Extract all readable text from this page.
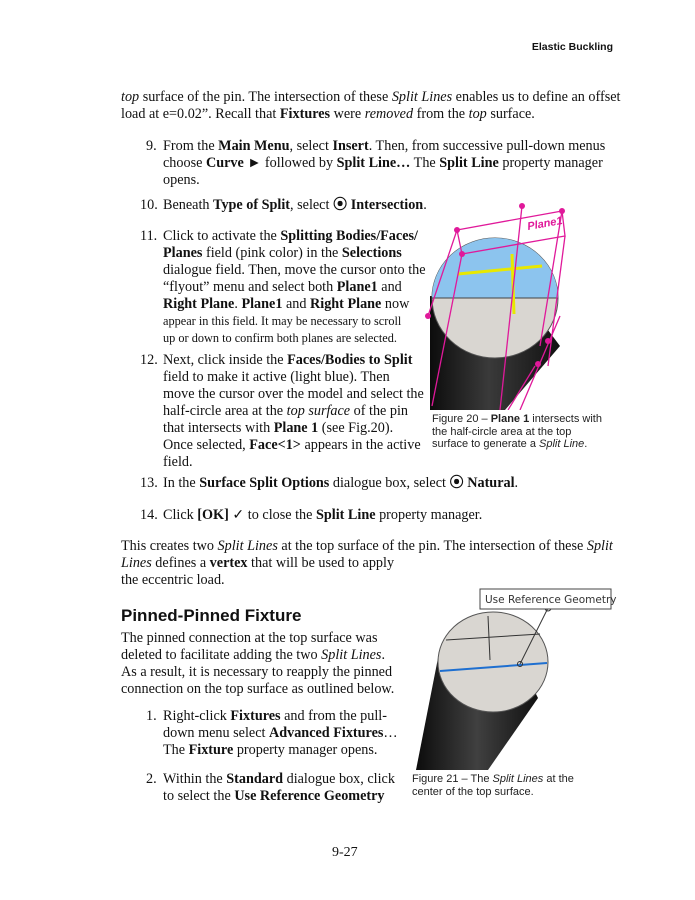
Elastic Buckling
top surface of the pin. The intersection of these Split Lines enables us to define an offset
load at e=0.02”. Recall that Fixtures were removed from the top surface.
9. From the Main Menu, select Insert. Then, from successive pull-down menus
choose Curve ► followed by Split Line… The Split Line property manager
opens.
10. Beneath Type of Split, select ⦿ Intersection.
11. Click to activate the Splitting Bodies/Faces/
Planes field (pink color) in the Selections
dialogue field. Then, move the cursor onto the
“flyout” menu and select both Plane1 and
Right Plane. Plane1 and Right Plane now
appear in this field. It may be necessary to scroll
up or down to confirm both planes are selected.
12. Next, click inside the Faces/Bodies to Split
field to make it active (light blue). Then
move the cursor over the model and select the
half-circle area at the top surface of the pin
that intersects with Plane 1 (see Fig.20).
Once selected, Face<1> appears in the active
field.
13. In the Surface Split Options dialogue box, select ⦿ Natural.
14. Click [OK] ✓ to close the Split Line property manager.
This creates two Split Lines at the top surface of the pin. The intersection of these Split
Lines defines a vertex that will be used to apply
the eccentric load.
Pinned-Pinned Fixture
The pinned connection at the top surface was
deleted to facilitate adding the two Split Lines.
As a result, it is necessary to reapply the pinned
connection on the top surface as outlined below.
1. Right-click Fixtures and from the pull-
down menu select Advanced Fixtures…
The Fixture property manager opens.
2. Within the Standard dialogue box, click
to select the Use Reference Geometry
Plane1
Figure 20 – Plane 1 intersects with
the half-circle area at the top
surface to generate a Split Line.
Use Reference Geometry
Figure 21 – The Split Lines at the
center of the top surface.
9-27
